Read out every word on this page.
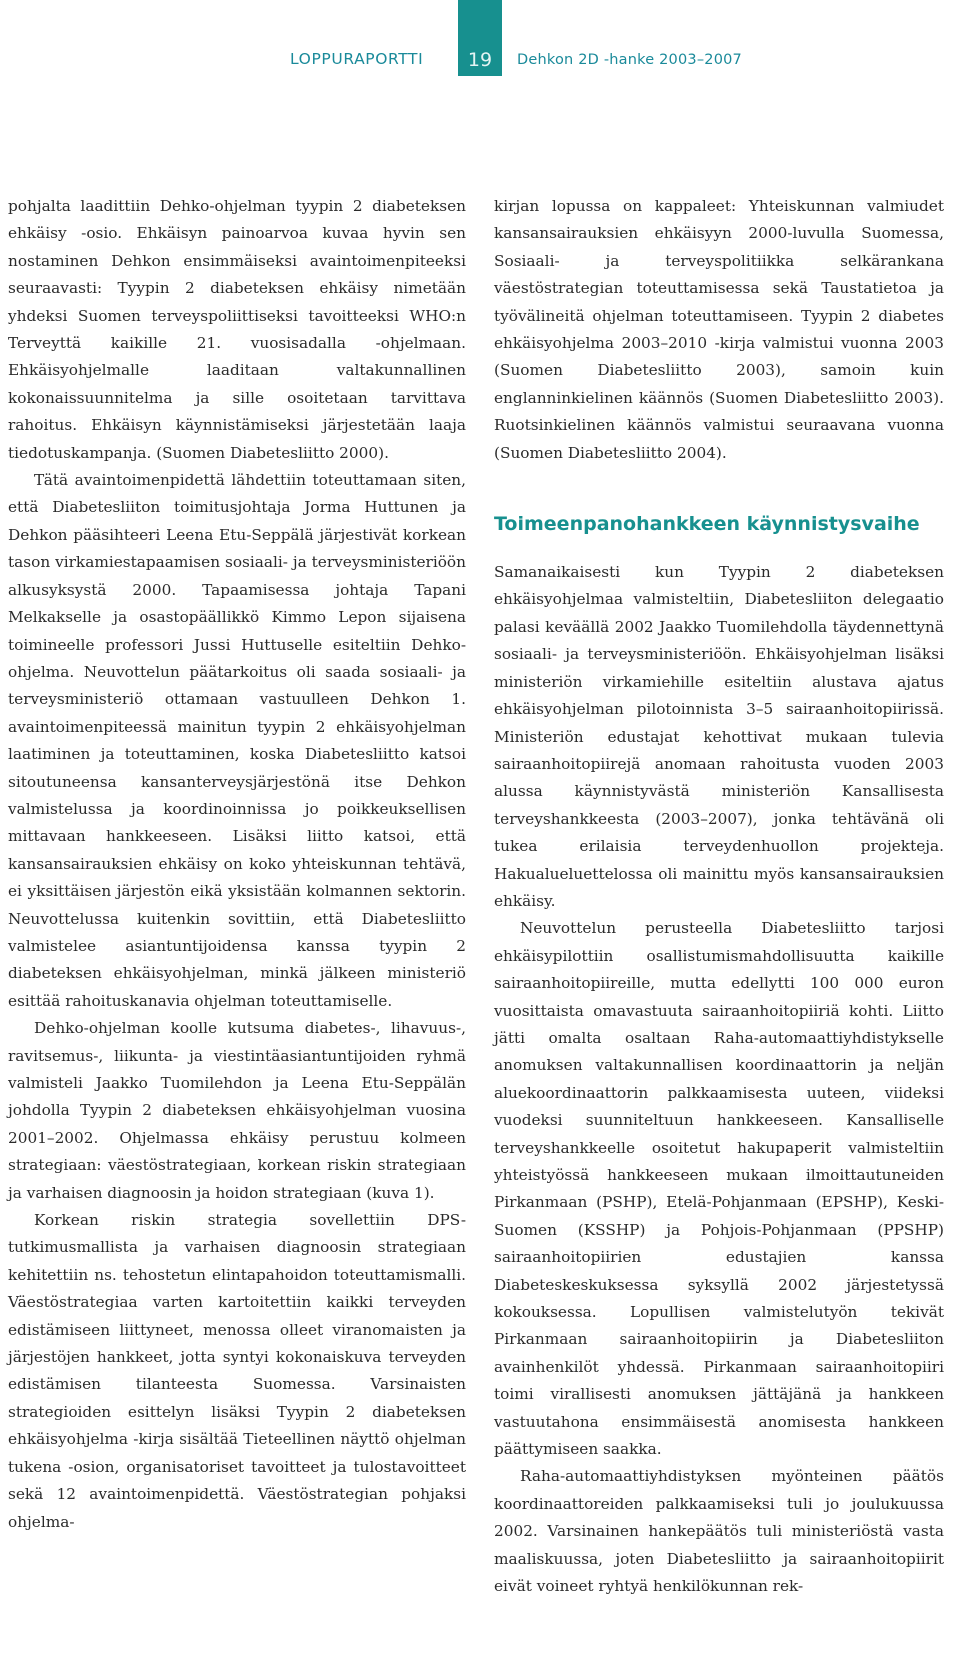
LOPPURAPORTTI	19	Dehkon 2D -hanke 2003–2007

pohjalta laadittiin Dehko-ohjelman tyypin 2 diabeteksen ehkäisy -osio. Ehkäisyn painoarvoa kuvaa hyvin sen nostaminen Dehkon ensimmäiseksi avaintoimenpiteeksi seuraavasti: Tyypin 2 diabeteksen ehkäisy nimetään yhdeksi Suomen terveyspoliittiseksi tavoitteeksi WHO:n Terveyttä kaikille 21. vuosisadalla -ohjelmaan. Ehkäisyohjelmalle laaditaan valtakunnallinen kokonaissuunnitelma ja sille osoitetaan tarvittava rahoitus. Ehkäisyn käynnistämiseksi järjestetään laaja tiedotuskampanja. (Suomen Diabetesliitto 2000).

Tätä avaintoimenpidettä lähdettiin toteuttamaan siten, että Diabetesliiton toimitusjohtaja Jorma Huttunen ja Dehkon pääsihteeri Leena Etu-Seppälä järjestivät korkean tason virkamiestapaamisen sosiaali- ja terveysministeriöön alkusyksystä 2000. Tapaamisessa johtaja Tapani Melkakselle ja osastopäällikkö Kimmo Lepon sijaisena toimineelle professori Jussi Huttuselle esiteltiin Dehko-ohjelma. Neuvottelun päätarkoitus oli saada sosiaali- ja terveysministeriö ottamaan vastuulleen Dehkon 1. avaintoimenpiteessä mainitun tyypin 2 ehkäisyohjelman laatiminen ja toteuttaminen, koska Diabetesliitto katsoi sitoutuneensa kansanterveysjärjestönä itse Dehkon valmistelussa ja koordinoinnissa jo poikkeuksellisen mittavaan hankkeeseen. Lisäksi liitto katsoi, että kansansairauksien ehkäisy on koko yhteiskunnan tehtävä, ei yksittäisen järjestön eikä yksistään kolmannen sektorin. Neuvottelussa kuitenkin sovittiin, että Diabetesliitto valmistelee asiantuntijoidensa kanssa tyypin 2 diabeteksen ehkäisyohjelman, minkä jälkeen ministeriö esittää rahoituskanavia ohjelman toteuttamiselle.

Dehko-ohjelman koolle kutsuma diabetes-, lihavuus-, ravitsemus-, liikunta- ja viestintäasiantuntijoiden ryhmä valmisteli Jaakko Tuomilehdon ja Leena Etu-Seppälän johdolla Tyypin 2 diabeteksen ehkäisyohjelman vuosina 2001–2002. Ohjelmassa ehkäisy perustuu kolmeen strategiaan: väestöstrategiaan, korkean riskin strategiaan ja varhaisen diagnoosin ja hoidon strategiaan (kuva 1).

Korkean riskin strategia sovellettiin DPS-tutkimusmallista ja varhaisen diagnoosin strategiaan kehitettiin ns. tehostetun elintapahoidon toteuttamismalli. Väestöstrategiaa varten kartoitettiin kaikki terveyden edistämiseen liittyneet, menossa olleet viranomaisten ja järjestöjen hankkeet, jotta syntyi kokonaiskuva terveyden edistämisen tilanteesta Suomessa. Varsinaisten strategioiden esittelyn lisäksi Tyypin 2 diabeteksen ehkäisyohjelma -kirja sisältää Tieteellinen näyttö ohjelman tukena -osion, organisatoriset tavoitteet ja tulostavoitteet sekä 12 avaintoimenpidettä. Väestöstrategian pohjaksi ohjelma-

kirjan lopussa on kappaleet: Yhteiskunnan valmiudet kansansairauksien ehkäisyyn 2000-luvulla Suomessa, Sosiaali- ja terveyspolitiikka selkärankana väestöstrategian toteuttamisessa sekä Taustatietoa ja työvälineitä ohjelman toteuttamiseen. Tyypin 2 diabetes ehkäisyohjelma 2003–2010 -kirja valmistui vuonna 2003 (Suomen Diabetesliitto 2003), samoin kuin englanninkielinen käännös (Suomen Diabetesliitto 2003). Ruotsinkielinen käännös valmistui seuraavana vuonna (Suomen Diabetesliitto 2004).

Toimeenpanohankkeen käynnistysvaihe

Samanaikaisesti kun Tyypin 2 diabeteksen ehkäisyohjelmaa valmisteltiin, Diabetesliiton delegaatio palasi keväällä 2002 Jaakko Tuomilehdolla täydennettynä sosiaali- ja terveysministeriöön. Ehkäisyohjelman lisäksi ministeriön virkamiehille esiteltiin alustava ajatus ehkäisyohjelman pilotoinnista 3–5 sairaanhoitopiirissä. Ministeriön edustajat kehottivat mukaan tulevia sairaanhoitopiirejä anomaan rahoitusta vuoden 2003 alussa käynnistyvästä ministeriön Kansallisesta terveyshankkeesta (2003–2007), jonka tehtävänä oli tukea erilaisia terveydenhuollon projekteja. Hakualueluettelossa oli mainittu myös kansansairauksien ehkäisy.

Neuvottelun perusteella Diabetesliitto tarjosi ehkäisypilottiin osallistumismahdollisuutta kaikille sairaanhoitopiireille, mutta edellytti 100 000 euron vuosittaista omavastuuta sairaanhoitopiiriä kohti. Liitto jätti omalta osaltaan Raha-automaattiyhdistykselle anomuksen valtakunnallisen koordinaattorin ja neljän aluekoordinaattorin palkkaamisesta uuteen, viideksi vuodeksi suunniteltuun hankkeeseen. Kansalliselle terveyshankkeelle osoitetut hakupaperit valmisteltiin yhteistyössä hankkeeseen mukaan ilmoittautuneiden Pirkanmaan (PSHP), Etelä-Pohjanmaan (EPSHP), Keski-Suomen (KSSHP) ja Pohjois-Pohjanmaan (PPSHP) sairaanhoitopiirien edustajien kanssa Diabeteskeskuksessa syksyllä 2002 järjestetyssä kokouksessa. Lopullisen valmistelutyön tekivät Pirkanmaan sairaanhoitopiirin ja Diabetesliiton avainhenkilöt yhdessä. Pirkanmaan sairaanhoitopiiri toimi virallisesti anomuksen jättäjänä ja hankkeen vastuutahona ensimmäisestä anomisesta hankkeen päättymiseen saakka.

Raha-automaattiyhdistyksen myönteinen päätös koordinaattoreiden palkkaamiseksi tuli jo joulukuussa 2002. Varsinainen hankepäätös tuli ministeriöstä vasta maaliskuussa, joten Diabetesliitto ja sairaanhoitopiirit eivät voineet ryhtyä henkilökunnan rek-
